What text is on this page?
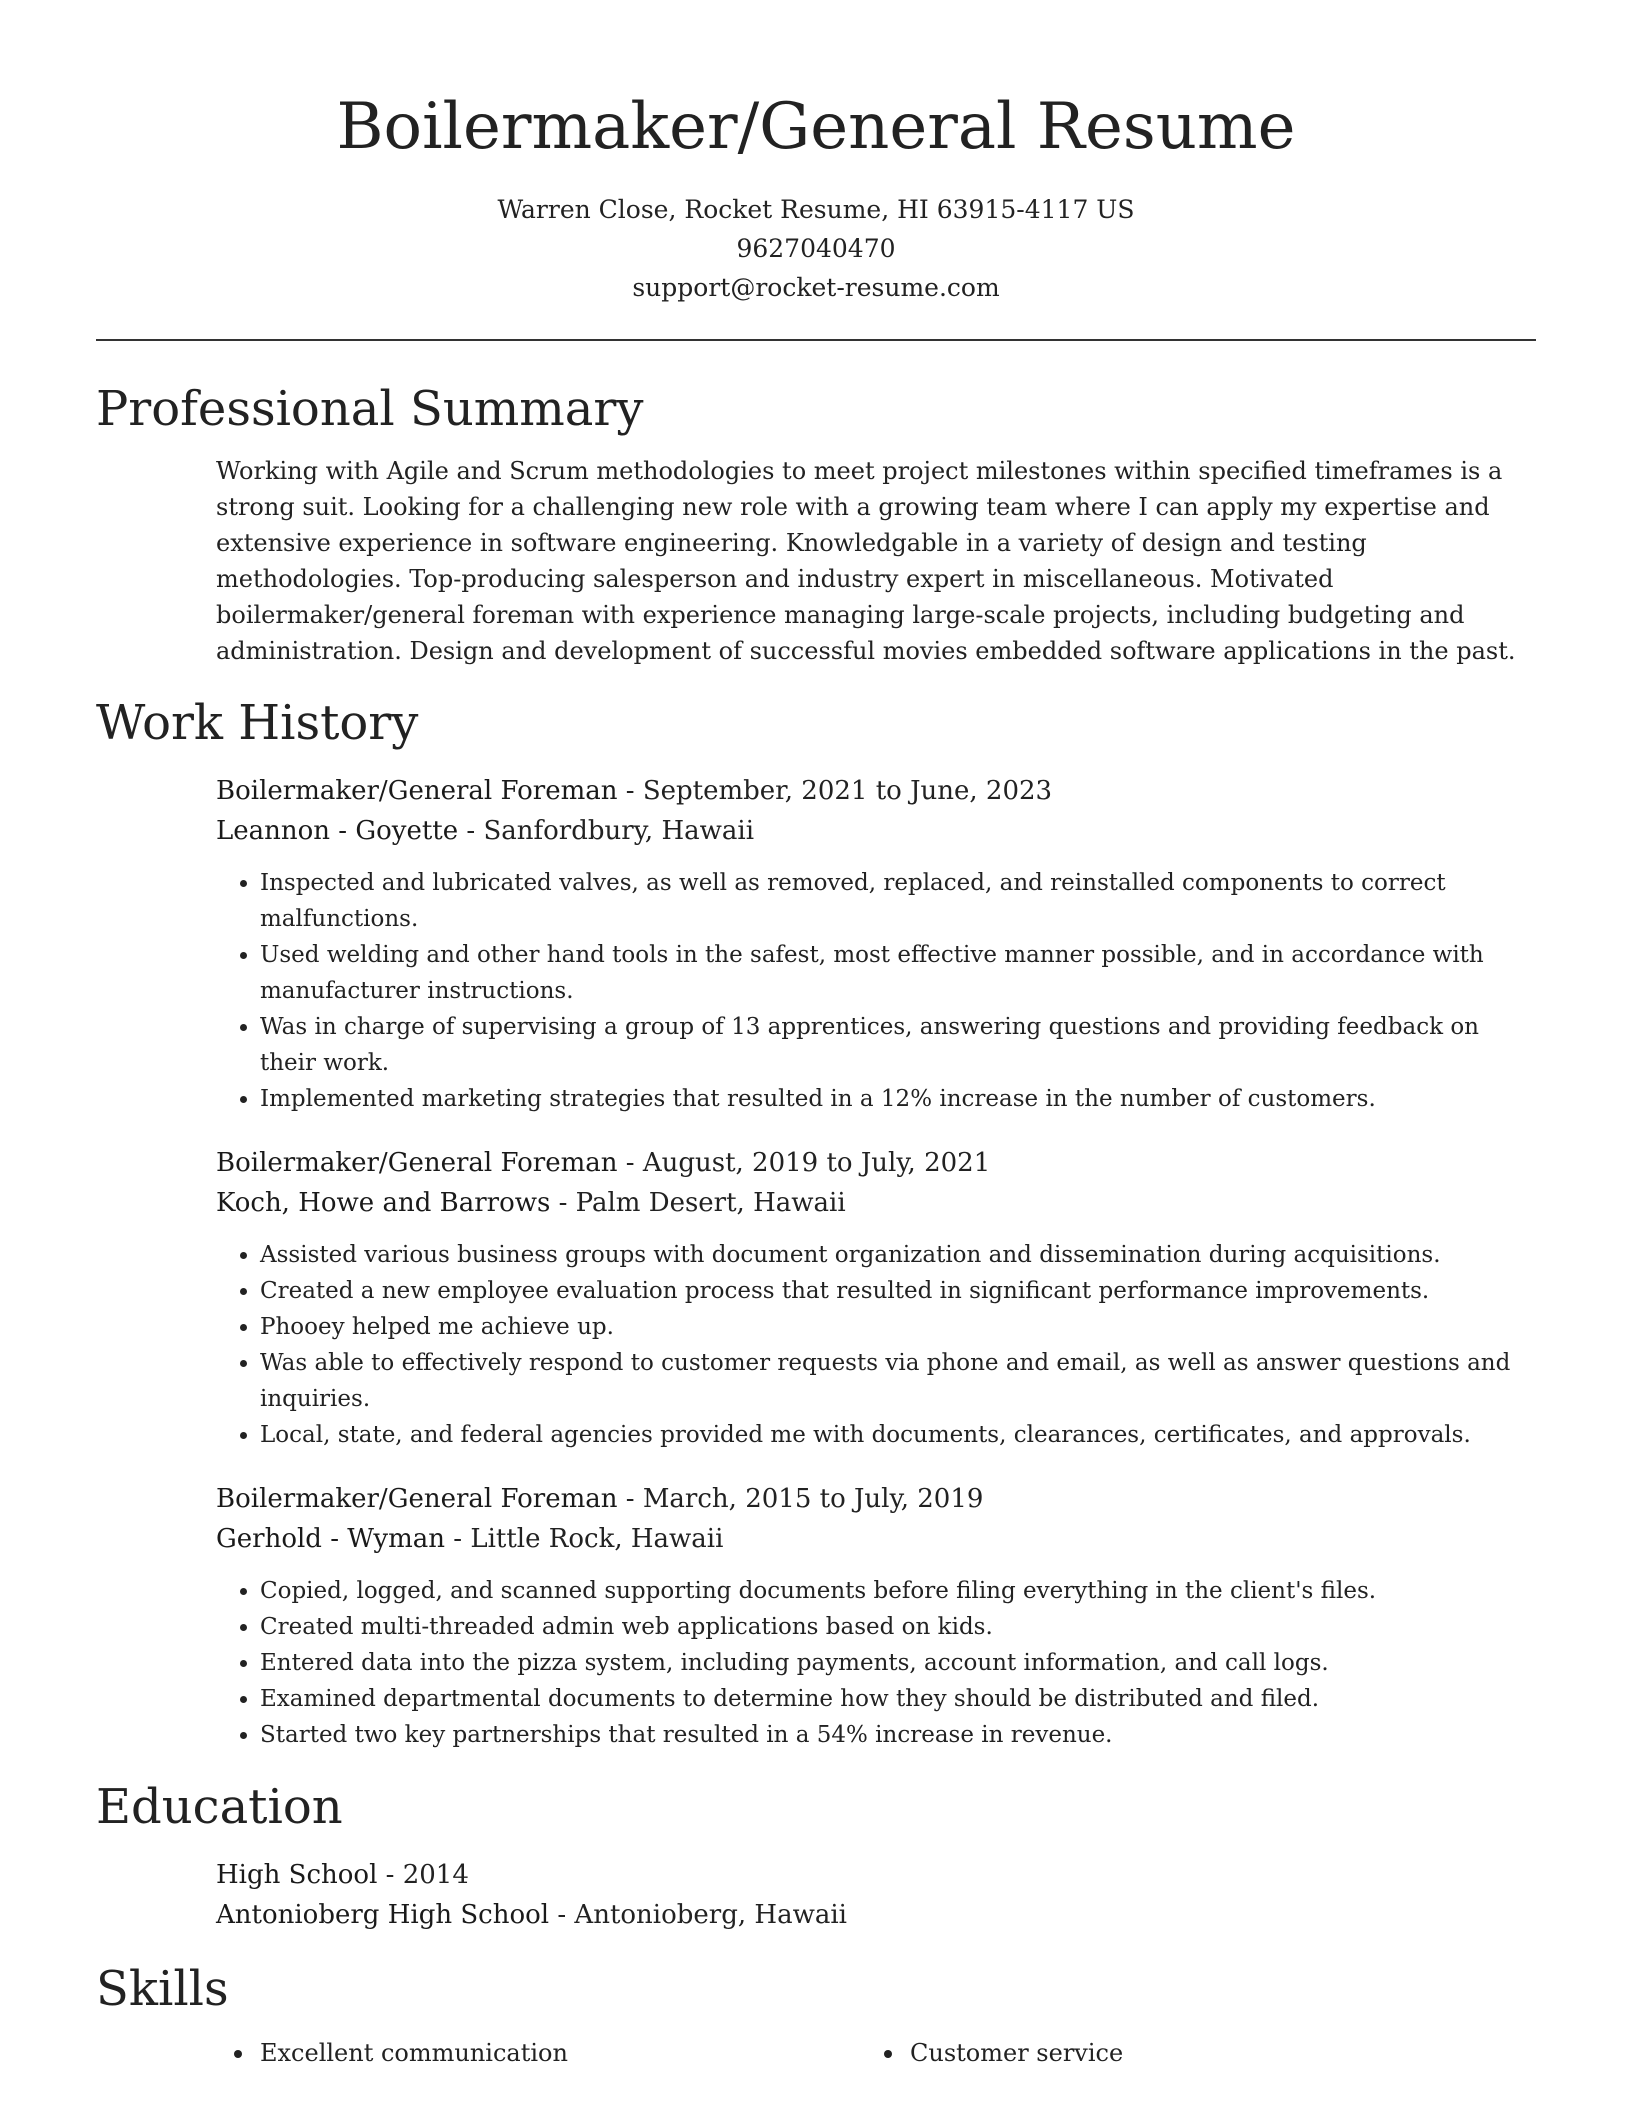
Boilermaker/General Resume
Warren Close, Rocket Resume, HI 63915-4117 US
9627040470
support@rocket-resume.com
Professional Summary
Working with Agile and Scrum methodologies to meet project milestones within specified timeframes is a strong suit. Looking for a challenging new role with a growing team where I can apply my expertise and extensive experience in software engineering. Knowledgable in a variety of design and testing methodologies. Top-producing salesperson and industry expert in miscellaneous. Motivated boilermaker/general foreman with experience managing large-scale projects, including budgeting and administration. Design and development of successful movies embedded software applications in the past.
Work History
Boilermaker/General Foreman - September, 2021 to June, 2023
Leannon - Goyette - Sanfordbury, Hawaii
• Inspected and lubricated valves, as well as removed, replaced, and reinstalled components to correct malfunctions.
• Used welding and other hand tools in the safest, most effective manner possible, and in accordance with manufacturer instructions.
• Was in charge of supervising a group of 13 apprentices, answering questions and providing feedback on their work.
• Implemented marketing strategies that resulted in a 12% increase in the number of customers.
Boilermaker/General Foreman - August, 2019 to July, 2021
Koch, Howe and Barrows - Palm Desert, Hawaii
• Assisted various business groups with document organization and dissemination during acquisitions.
• Created a new employee evaluation process that resulted in significant performance improvements.
• Phooey helped me achieve up.
• Was able to effectively respond to customer requests via phone and email, as well as answer questions and inquiries.
• Local, state, and federal agencies provided me with documents, clearances, certificates, and approvals.
Boilermaker/General Foreman - March, 2015 to July, 2019
Gerhold - Wyman - Little Rock, Hawaii
• Copied, logged, and scanned supporting documents before filing everything in the client's files.
• Created multi-threaded admin web applications based on kids.
• Entered data into the pizza system, including payments, account information, and call logs.
• Examined departmental documents to determine how they should be distributed and filed.
• Started two key partnerships that resulted in a 54% increase in revenue.
Education
High School - 2014
Antonioberg High School - Antonioberg, Hawaii
Skills
Excellent communication	Customer service
